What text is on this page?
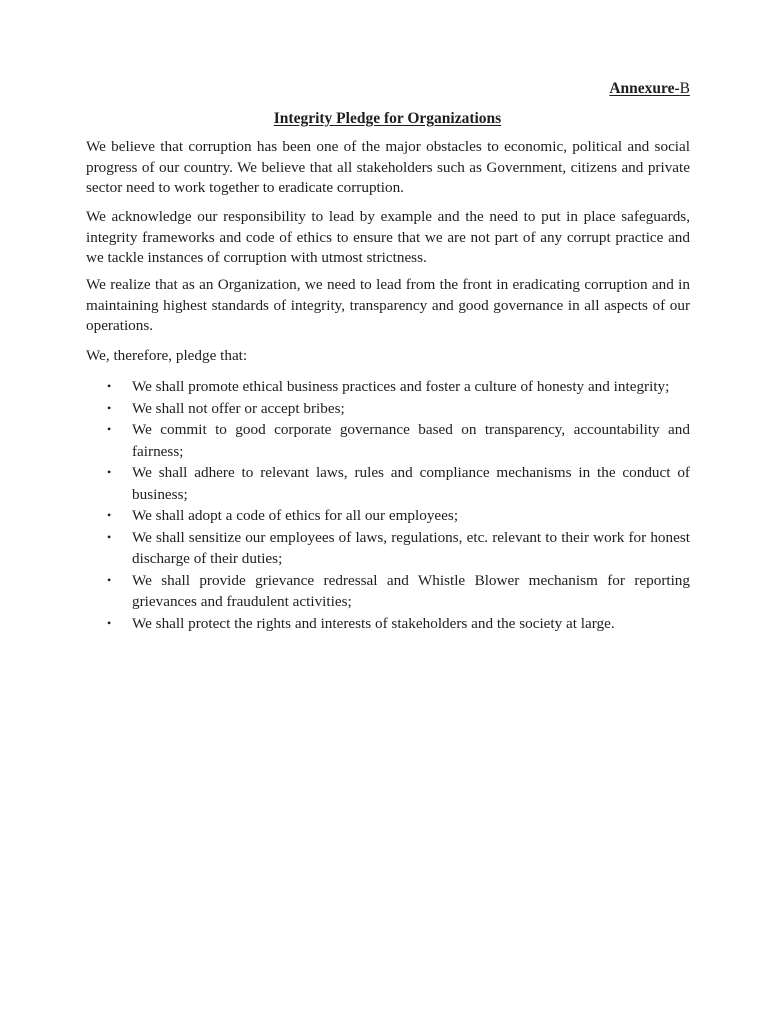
Annexure-B
Integrity Pledge for Organizations

We believe that corruption has been one of the major obstacles to economic, political and social progress of our country. We believe that all stakeholders such as Government, citizens and private sector need to work together to eradicate corruption.

We acknowledge our responsibility to lead by example and the need to put in place safeguards, integrity frameworks and code of ethics to ensure that we are not part of any corrupt practice and we tackle instances of corruption with utmost strictness.

We realize that as an Organization, we need to lead from the front in eradicating corruption and in maintaining highest standards of integrity, transparency and good governance in all aspects of our operations.

We, therefore, pledge that:

• We shall promote ethical business practices and foster a culture of honesty and integrity;
• We shall not offer or accept bribes;
• We commit to good corporate governance based on transparency, accountability and fairness;
• We shall adhere to relevant laws, rules and compliance mechanisms in the conduct of business;
• We shall adopt a code of ethics for all our employees;
• We shall sensitize our employees of laws, regulations, etc. relevant to their work for honest discharge of their duties;
• We shall provide grievance redressal and Whistle Blower mechanism for reporting grievances and fraudulent activities;
• We shall protect the rights and interests of stakeholders and the society at large.
